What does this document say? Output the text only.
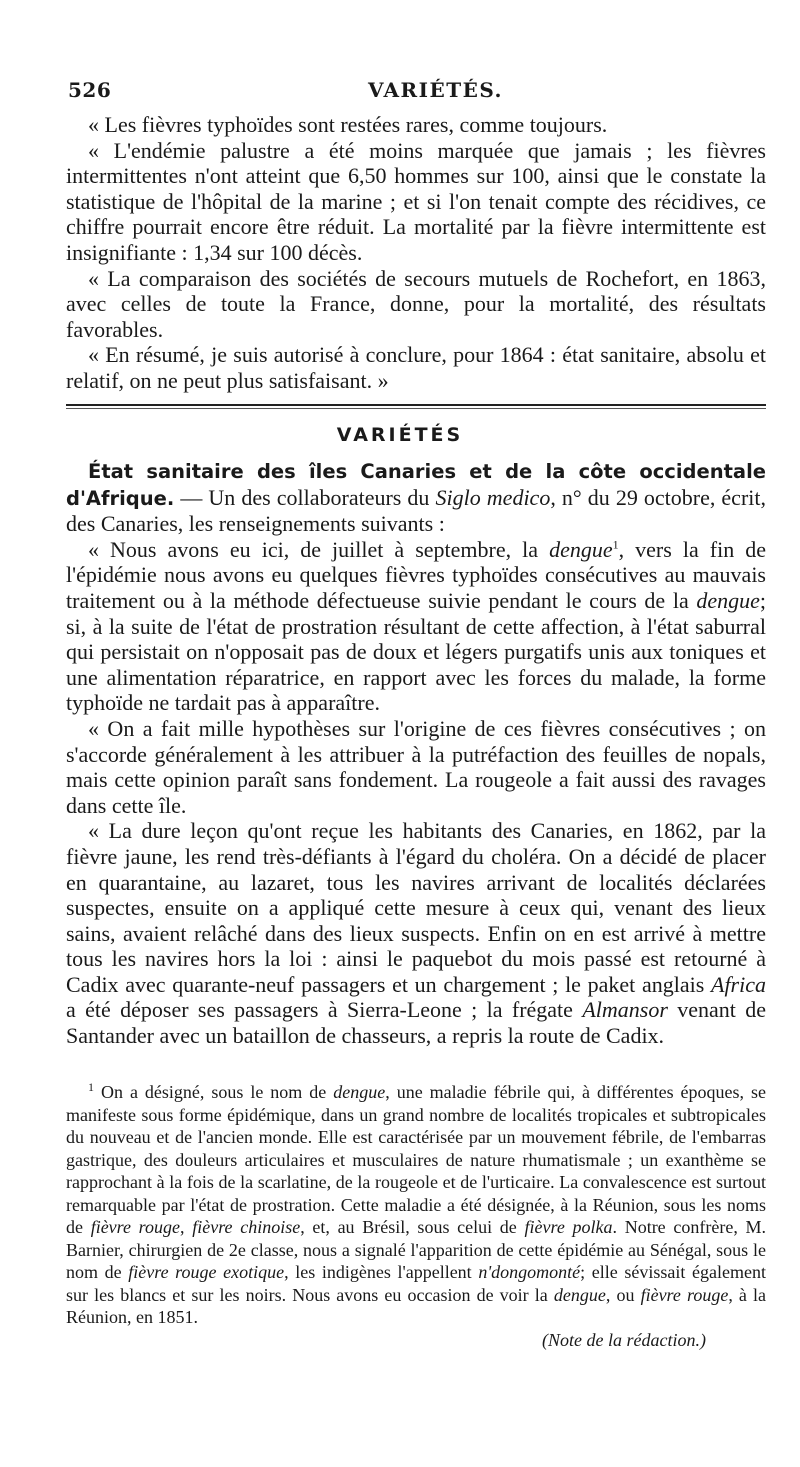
526	VARIÉTÉS.

« Les fièvres typhoïdes sont restées rares, comme toujours.

« L'endémie palustre a été moins marquée que jamais ; les fièvres intermittentes n'ont atteint que 6,50 hommes sur 100, ainsi que le constate la statistique de l'hôpital de la marine ; et si l'on tenait compte des récidives, ce chiffre pourrait encore être réduit. La mortalité par la fièvre intermittente est insignifiante : 1,34 sur 100 décès.

« La comparaison des sociétés de secours mutuels de Rochefort, en 1863, avec celles de toute la France, donne, pour la mortalité, des résultats favorables.

« En résumé, je suis autorisé à conclure, pour 1864 : état sanitaire, absolu et relatif, on ne peut plus satisfaisant. »

VARIÉTÉS

État sanitaire des îles Canaries et de la côte occidentale d'Afrique. — Un des collaborateurs du Siglo medico, n° du 29 octobre, écrit, des Canaries, les renseignements suivants :

« Nous avons eu ici, de juillet à septembre, la dengue$^1$, vers la fin de l'épidémie nous avons eu quelques fièvres typhoïdes consécutives au mauvais traitement ou à la méthode défectueuse suivie pendant le cours de la dengue; si, à la suite de l'état de prostration résultant de cette affection, à l'état saburral qui persistait on n'opposait pas de doux et légers purgatifs unis aux toniques et une alimentation réparatrice, en rapport avec les forces du malade, la forme typhoïde ne tardait pas à apparaître.

« On a fait mille hypothèses sur l'origine de ces fièvres consécutives ; on s'accorde généralement à les attribuer à la putréfaction des feuilles de nopals, mais cette opinion paraît sans fondement. La rougeole a fait aussi des ravages dans cette île.

« La dure leçon qu'ont reçue les habitants des Canaries, en 1862, par la fièvre jaune, les rend très-défiants à l'égard du choléra. On a décidé de placer en quarantaine, au lazaret, tous les navires arrivant de localités déclarées suspectes, ensuite on a appliqué cette mesure à ceux qui, venant des lieux sains, avaient relâché dans des lieux suspects. Enfin on en est arrivé à mettre tous les navires hors la loi : ainsi le paquebot du mois passé est retourné à Cadix avec quarante-neuf passagers et un chargement ; le paket anglais Africa a été déposer ses passagers à Sierra-Leone ; la frégate Almansor venant de Santander avec un bataillon de chasseurs, a repris la route de Cadix.

$^1$ On a désigné, sous le nom de dengue, une maladie fébrile qui, à différentes époques, se manifeste sous forme épidémique, dans un grand nombre de localités tropicales et subtropicales du nouveau et de l'ancien monde. Elle est caractérisée par un mouvement fébrile, de l'embarras gastrique, des douleurs articulaires et musculaires de nature rhumatismale ; un exanthème se rapprochant à la fois de la scarlatine, de la rougeole et de l'urticaire. La convalescence est surtout remarquable par l'état de prostration. Cette maladie a été désignée, à la Réunion, sous les noms de fièvre rouge, fièvre chinoise, et, au Brésil, sous celui de fièvre polka. Notre confrère, M. Barnier, chirurgien de 2e classe, nous a signalé l'apparition de cette épidémie au Sénégal, sous le nom de fièvre rouge exotique, les indigènes l'appellent n'dongomonté; elle sévissait également sur les blancs et sur les noirs. Nous avons eu occasion de voir la dengue, ou fièvre rouge, à la Réunion, en 1851.

(Note de la rédaction.)
